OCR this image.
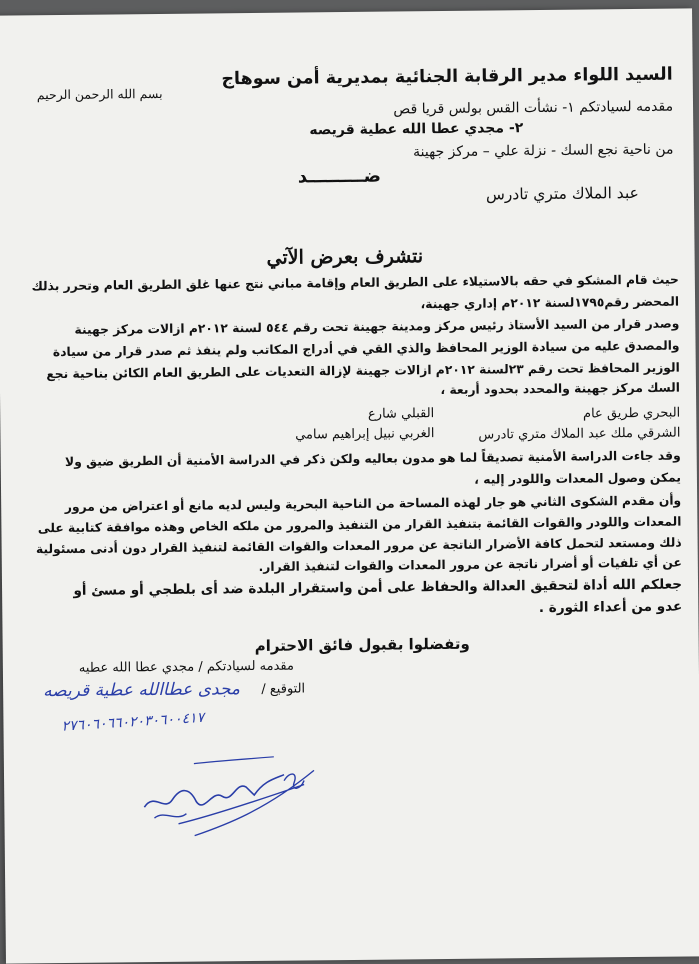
بسم الله الرحمن الرحيم
السيد اللواء مدير الرقابة الجنائية بمديرية أمن سوهاج
مقدمه لسيادتكم ١- نشأت القس بولس قريا قص
٢- مجدي عطا الله عطية قريصه
من ناحية نجع السك - نزلة علي – مركز جهينة
ضـــــــــد
عبد الملاك متري تادرس
نتشرف بعرض الآتي
حيث قام المشكو في حقه بالاستيلاء على الطريق العام وإقامة مباني نتج عنها غلق الطريق العام وتحرر بذلك
المحضر رقم١٧٩٥لسنة ٢٠١٢م إداري جهينة،
وصدر قرار من السيد الأستاذ رئيس مركز ومدينة جهينة تحت رقم ٥٤٤ لسنة ٢٠١٢م ازالات مركز جهينة
والمصدق عليه من سيادة الوزير المحافظ والذي القي في أدراج المكاتب ولم ينفذ ثم صدر قرار من سيادة
الوزير المحافظ تحت رقم ٢٣لسنة ٢٠١٢م ازالات جهينة لإزالة التعديات على الطريق العام الكائن بناحية نجع
السك مركز جهينة والمحدد بحدود أربعة ،
البحري طريق عام
القبلي شارع
الشرقي ملك عبد الملاك متري تادرس
الغربي نبيل إبراهيم سامي
وقد جاءت الدراسة الأمنية تصديقاً لما هو مدون بعاليه ولكن ذكر في الدراسة الأمنية أن الطريق ضيق ولا
يمكن وصول المعدات واللودر إليه ،
وأن مقدم الشكوى الثاني هو جار لهذه المساحة من الناحية البحرية وليس لديه مانع أو اعتراض من مرور
المعدات واللودر والقوات القائمة بتنفيذ القرار من التنفيذ والمرور من ملكه الخاص وهذه موافقة كتابية على
ذلك ومستعد لتحمل كافة الأضرار الناتجة عن مرور المعدات والقوات القائمة لتنفيذ القرار دون أدنى مسئولية
عن أي تلفيات أو أضرار ناتجة عن مرور المعدات والقوات لتنفيذ القرار.
جعلكم الله أداة لتحقيق العدالة والحفاظ على أمن واستقرار البلدة ضد أى بلطجي أو مسئ أو
عدو من أعداء الثورة .
وتفضلوا بقبول فائق الاحترام
مقدمه لسيادتكم / مجدي عطا الله عطيه
التوقيع /
مجدى عطاالله عطية قريصه
٢٧٦٠٦٠٦٦٠٢٠٣٠٦٠٠٤١٧
